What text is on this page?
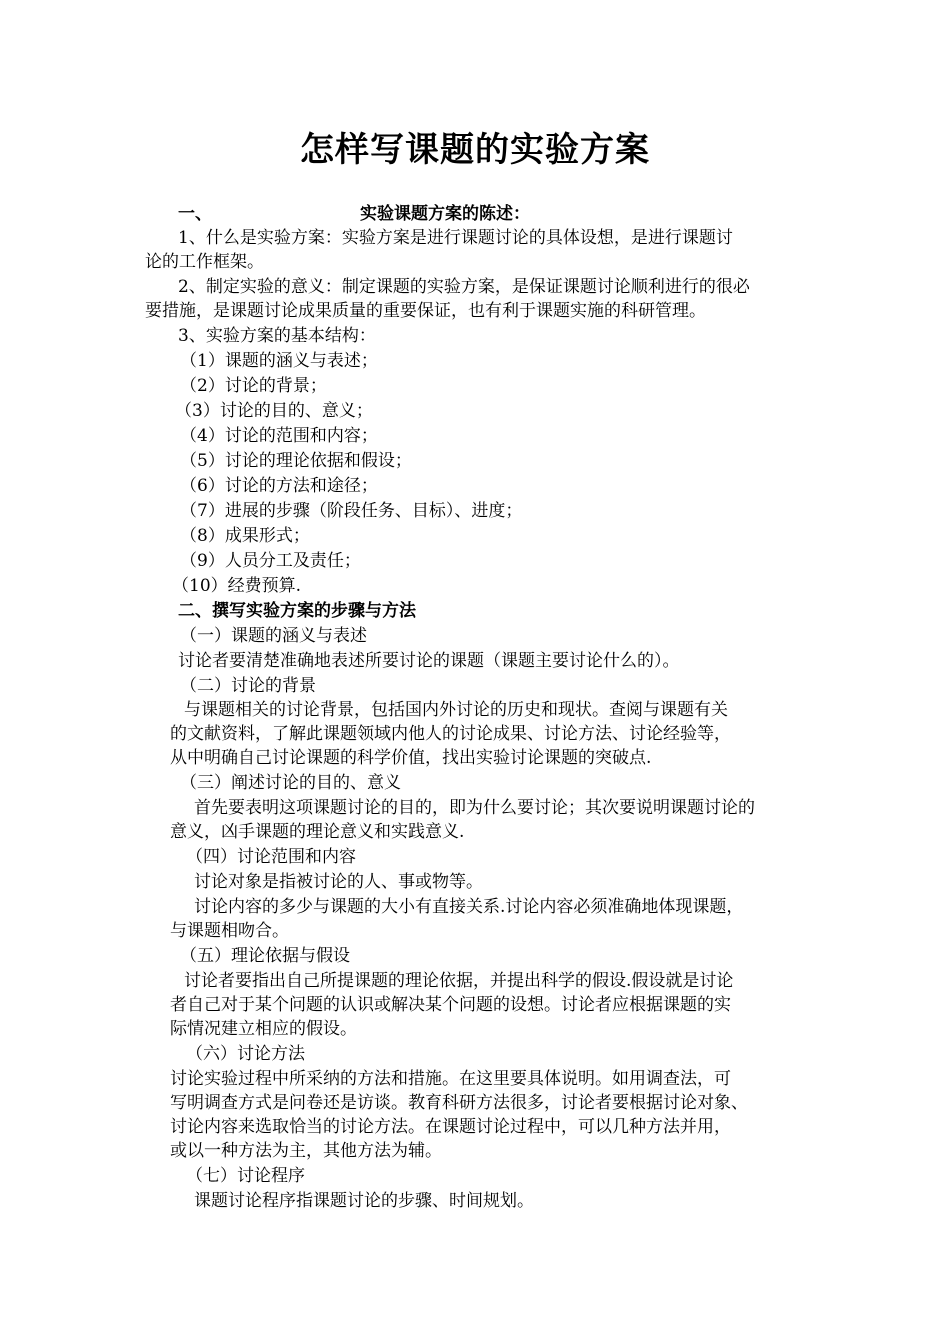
怎样写课题的实验方案
一、	实验课题方案的陈述：
1、什么是实验方案：实验方案是进行课题讨论的具体设想，是进行课题讨
论的工作框架。
2、制定实验的意义：制定课题的实验方案，是保证课题讨论顺利进行的很必
要措施，是课题讨论成果质量的重要保证，也有利于课题实施的科研管理。
3、实验方案的基本结构：
（1）课题的涵义与表述；
（2）讨论的背景；
（3）讨论的目的、意义；
（4）讨论的范围和内容；
（5）讨论的理论依据和假设；
（6）讨论的方法和途径；
（7）进展的步骤（阶段任务、目标）、进度；
（8）成果形式；
（9）人员分工及责任；
（10）经费预算.
二、撰写实验方案的步骤与方法
（一）课题的涵义与表述
讨论者要清楚准确地表述所要讨论的课题（课题主要讨论什么的）。
（二）讨论的背景
与课题相关的讨论背景，包括国内外讨论的历史和现状。查阅与课题有关
的文献资料，了解此课题领域内他人的讨论成果、讨论方法、讨论经验等，
从中明确自己讨论课题的科学价值，找出实验讨论课题的突破点.
（三）阐述讨论的目的、意义
首先要表明这项课题讨论的目的，即为什么要讨论；其次要说明课题讨论的
意义，凶手课题的理论意义和实践意义.
（四）讨论范围和内容
讨论对象是指被讨论的人、事或物等。
讨论内容的多少与课题的大小有直接关系.讨论内容必须准确地体现课题，
与课题相吻合。
（五）理论依据与假设
讨论者要指出自己所提课题的理论依据，并提出科学的假设.假设就是讨论
者自己对于某个问题的认识或解决某个问题的设想。讨论者应根据课题的实
际情况建立相应的假设。
（六）讨论方法
讨论实验过程中所采纳的方法和措施。在这里要具体说明。如用调查法，可
写明调查方式是问卷还是访谈。教育科研方法很多，讨论者要根据讨论对象、
讨论内容来选取恰当的讨论方法。在课题讨论过程中，可以几种方法并用，
或以一种方法为主，其他方法为辅。
（七）讨论程序
课题讨论程序指课题讨论的步骤、时间规划。
